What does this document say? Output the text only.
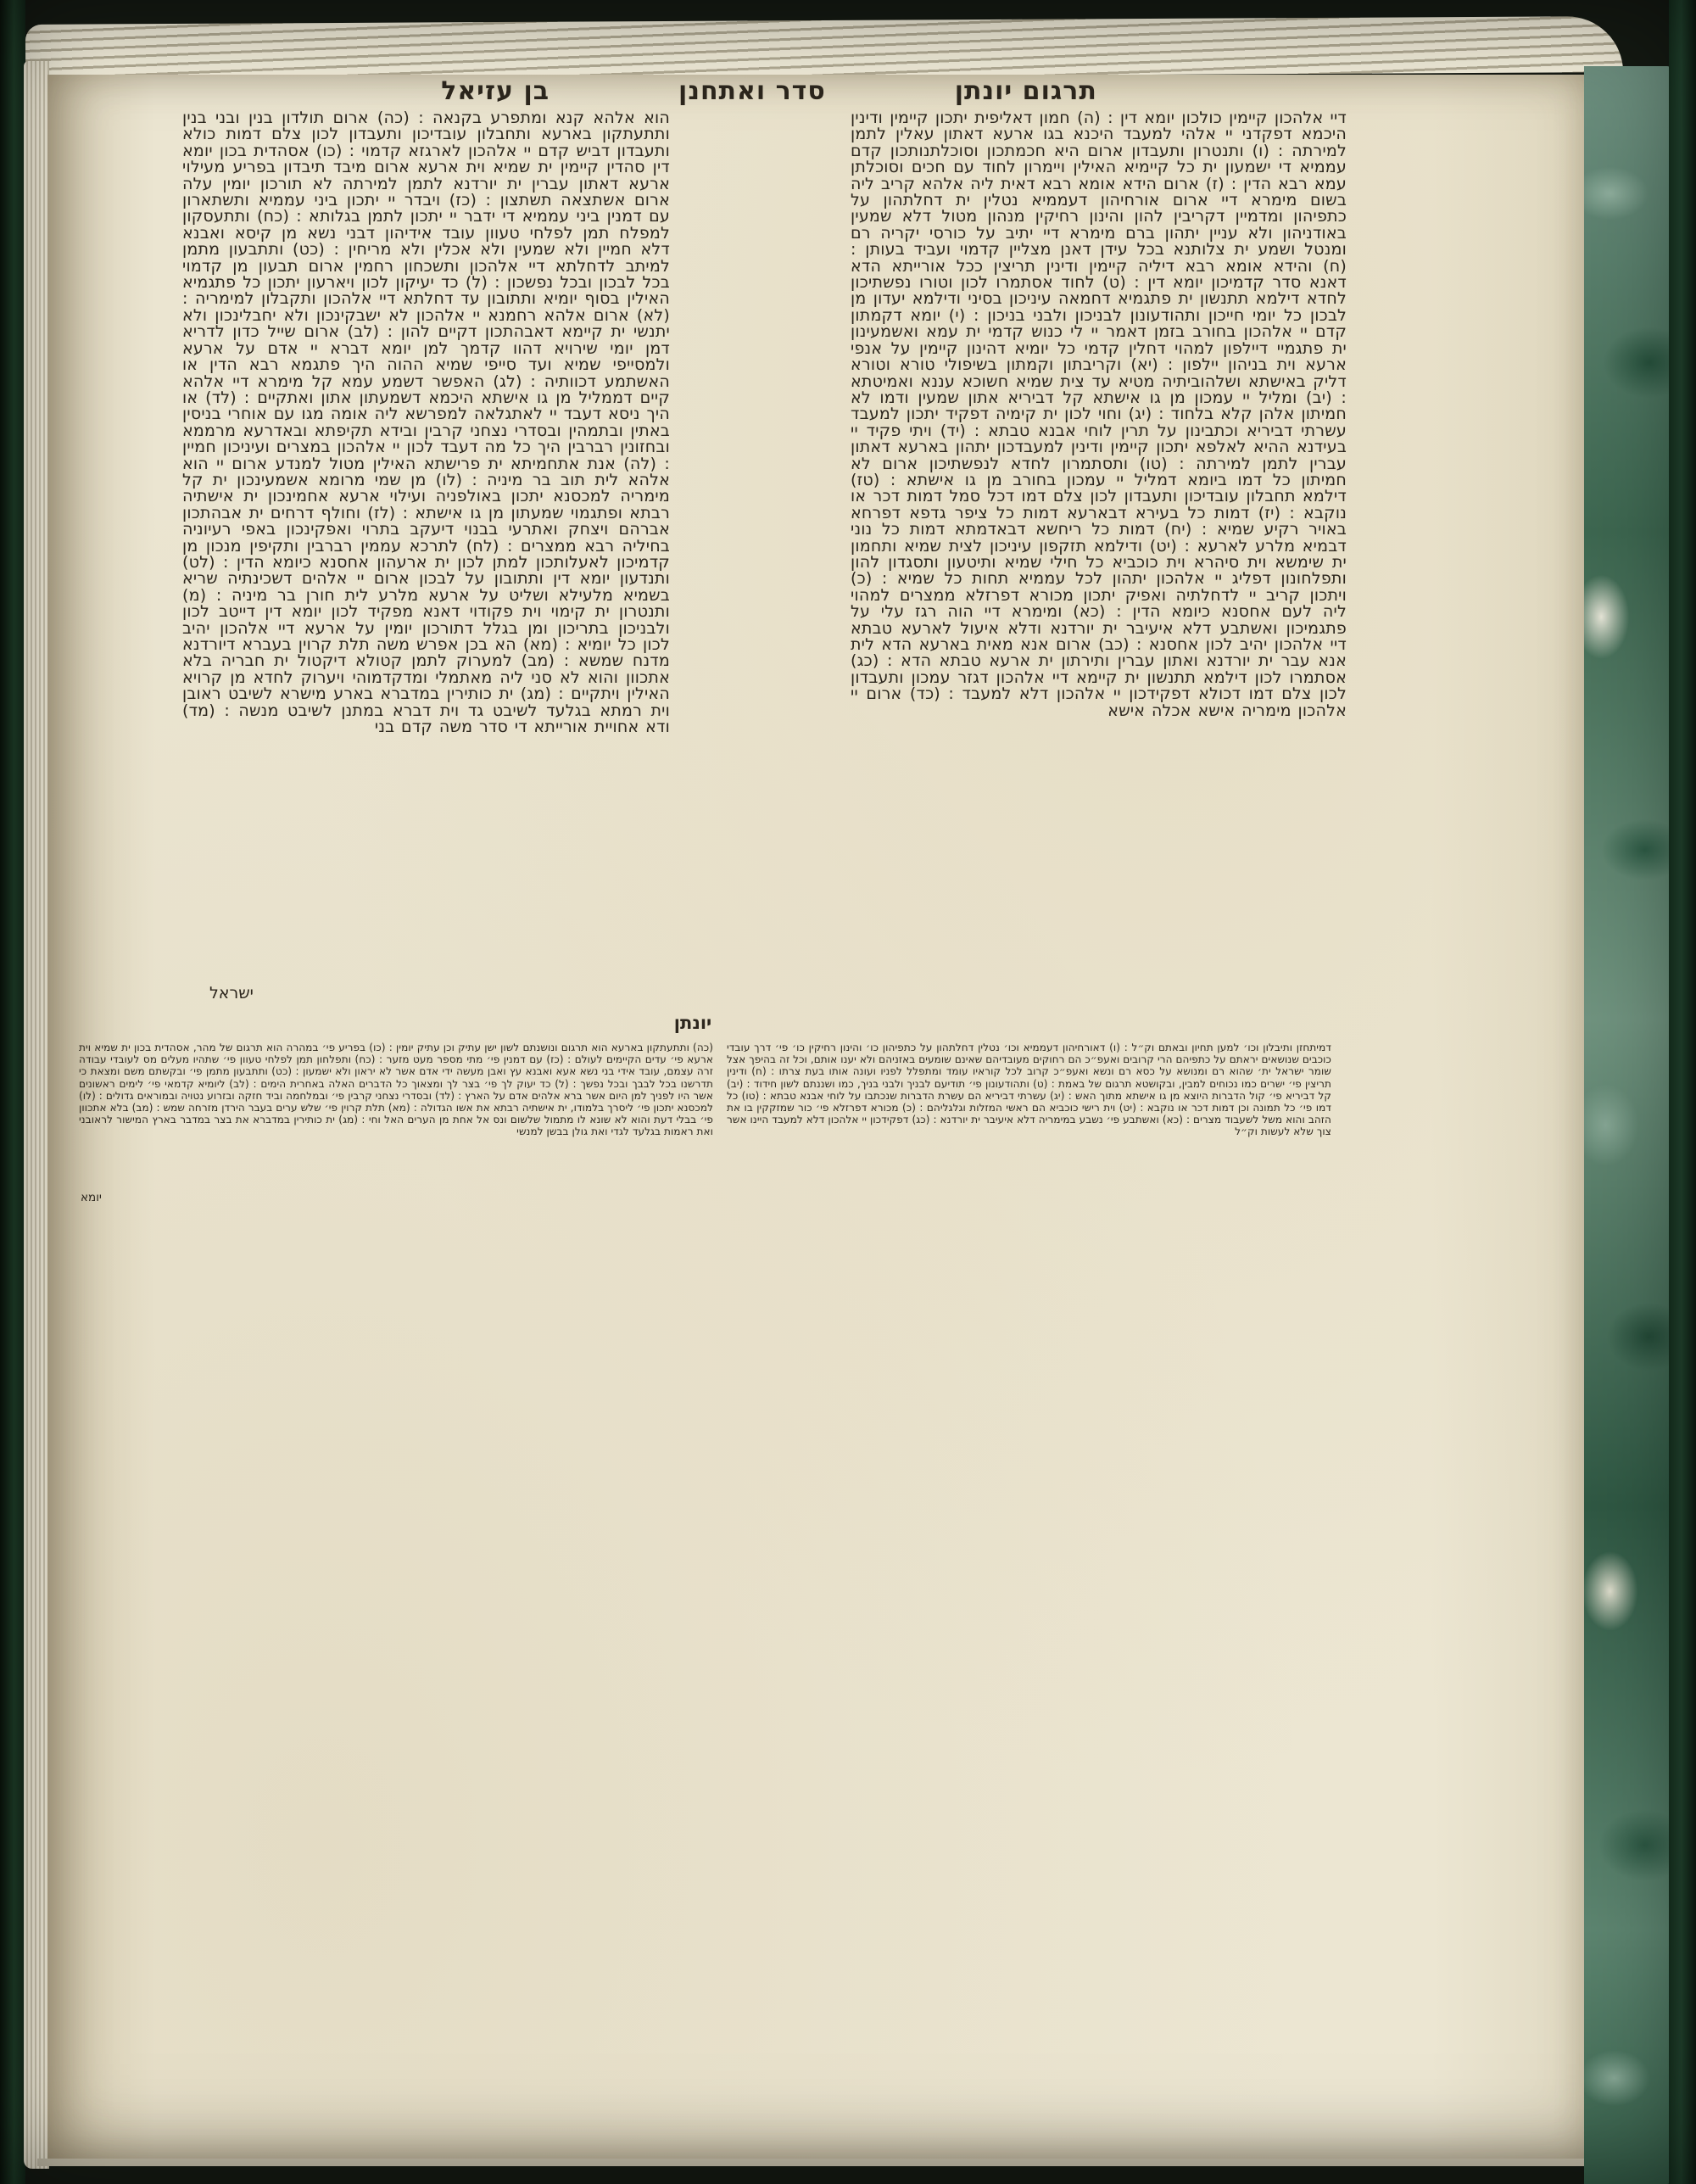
תרגום יונתן
סדר ואתחנן
בן עזיאל
דיי אלהכון קיימין כולכון יומא דין : (ה) חמון דאליפית יתכון קיימין ודינין היכמא דפקדני יי אלהי למעבד היכנא בגו ארעא דאתון עאלין לתמן למירתה : (ו) ותנטרון ותעבדון ארום היא חכמתכון וסוכלתנותכון קדם עממיא די ישמעון ית כל קיימיא האילין ויימרון לחוד עם חכים וסוכלתן עמא רבא הדין : (ז) ארום הידא אומא רבא דאית ליה אלהא קריב ליה בשום מימרא דיי ארום אורחיהון דעממיא נטלין ית דחלתהון על כתפיהון ומדמיין דקריבין להון והינון רחיקין מנהון מטול דלא שמעין באודניהון ולא עניין יתהון ברם מימרא דיי יתיב על כורסי יקריה רם ומנטל ושמע ית צלותנא בכל עידן דאנן מצליין קדמוי ועביד בעותן : (ח) והידא אומא רבא דיליה קיימין ודינין תריצין ככל אורייתא הדא דאנא סדר קדמיכון יומא דין : (ט) לחוד אסתמרו לכון וטורו נפשתיכון לחדא דילמא תתנשון ית פתגמיא דחמאה עיניכון בסיני ודילמא יעדון מן לבכון כל יומי חייכון ותהודעונון לבניכון ולבני בניכון : (י) יומא דקמתון קדם יי אלהכון בחורב בזמן דאמר יי לי כנוש קדמי ית עמא ואשמעינון ית פתגמיי דיילפון למהוי דחלין קדמי כל יומיא דהינון קיימין על אנפי ארעא וית בניהון יילפון : (יא) וקריבתון וקמתון בשיפולי טורא וטורא דליק באישתא ושלהוביתיה מטיא עד צית שמיא חשוכא עננא ואמיטתא : (יב) ומליל יי עמכון מן גו אישתא קל דביריא אתון שמעין ודמו לא חמיתון אלהן קלא בלחוד : (יג) וחוי לכון ית קימיה דפקיד יתכון למעבד עשרתי דביריא וכתבינון על תרין לוחי אבנא טבתא : (יד) ויתי פקיד יי בעידנא ההיא לאלפא יתכון קיימין ודינין למעבדכון יתהון בארעא דאתון עברין לתמן למירתה : (טו) ותסתמרון לחדא לנפשתיכון ארום לא חמיתון כל דמו ביומא דמליל יי עמכון בחורב מן גו אישתא : (טז) דילמא תחבלון עובדיכון ותעבדון לכון צלם דמו דכל סמל דמות דכר או נוקבא : (יז) דמות כל בעירא דבארעא דמות כל ציפר גדפא דפרחא באויר רקיע שמיא : (יח) דמות כל ריחשא דבאדמתא דמות כל נוני דבמיא מלרע לארעא : (יט) ודילמא תזקפון עיניכון לצית שמיא ותחמון ית שימשא וית סיהרא וית כוכביא כל חילי שמיא ותיטעון ותסגדון להון ותפלחונון דפליג יי אלהכון יתהון לכל עממיא תחות כל שמיא : (כ) ויתכון קריב יי לדחלתיה ואפיק יתכון מכורא דפרזלא ממצרים למהוי ליה לעם אחסנא כיומא הדין : (כא) ומימרא דיי הוה רגז עלי על פתגמיכון ואשתבע דלא איעיבר ית יורדנא ודלא איעול לארעא טבתא דיי אלהכון יהיב לכון אחסנא : (כב) ארום אנא מאית בארעא הדא לית אנא עבר ית יורדנא ואתון עברין ותירתון ית ארעא טבתא הדא : (כג) אסתמרו לכון דילמא תתנשון ית קיימא דיי אלהכון דגזר עמכון ותעבדון לכון צלם דמו דכולא דפקידכון יי אלהכון דלא למעבד : (כד) ארום יי אלהכון מימריה אישא אכלה אישא
הוא אלהא קנא ומתפרע בקנאה : (כה) ארום תולדון בנין ובני בנין ותתעתקון בארעא ותחבלון עובדיכון ותעבדון לכון צלם דמות כולא ותעבדון דביש קדם יי אלהכון לארגזא קדמוי : (כו) אסהדית בכון יומא דין סהדין קיימין ית שמיא וית ארעא ארום מיבד תיבדון בפריע מעילוי ארעא דאתון עברין ית יורדנא לתמן למירתה לא תורכון יומין עלה ארום אשתצאה תשתצון : (כז) ויבדר יי יתכון ביני עממיא ותשתארון עם דמנין ביני עממיא די ידבר יי יתכון לתמן בגלותא : (כח) ותתעסקון למפלח תמן לפלחי טעוון עובד אידיהון דבני נשא מן קיסא ואבנא דלא חמיין ולא שמעין ולא אכלין ולא מריחין : (כט) ותתבעון מתמן למיתב לדחלתא דיי אלהכון ותשכחון רחמין ארום תבעון מן קדמוי בכל לבכון ובכל נפשכון : (ל) כד יעיקון לכון ויארעון יתכון כל פתגמיא האילין בסוף יומיא ותתובון עד דחלתא דיי אלהכון ותקבלון למימריה : (לא) ארום אלהא רחמנא יי אלהכון לא ישבקינכון ולא יחבלינכון ולא יתנשי ית קיימא דאבהתכון דקיים להון : (לב) ארום שייל כדון לדריא דמן יומי שירויא דהוו קדמך למן יומא דברא יי אדם על ארעא ולמסייפי שמיא ועד סייפי שמיא ההוה היך פתגמא רבא הדין או האשתמע דכוותיה : (לג) האפשר דשמע עמא קל מימרא דיי אלהא קיים דממליל מן גו אישתא היכמא דשמעתון אתון ואתקיים : (לד) או היך ניסא דעבד יי לאתגלאה למפרשא ליה אומה מגו עם אוחרי בניסין באתין ובתמהין ובסדרי נצחני קרבין ובידא תקיפתא ובאדרעא מרממא ובחזונין רברבין היך כל מה דעבד לכון יי אלהכון במצרים ועיניכון חמיין : (לה) אנת אתחמיתא ית פרישתא האילין מטול למנדע ארום יי הוא אלהא לית תוב בר מיניה : (לו) מן שמי מרומא אשמעינכון ית קל מימריה למכסנא יתכון באולפניה ועילוי ארעא אחמינכון ית אישתיה רבתא ופתגמוי שמעתון מן גו אישתא : (לז) וחולף דרחים ית אבהתכון אברהם ויצחק ואתרעי בבנוי דיעקב בתרוי ואפקינכון באפי רעיוניה בחיליה רבא ממצרים : (לח) לתרכא עממין רברבין ותקיפין מנכון מן קדמיכון לאעלותכון למתן לכון ית ארעהון אחסנא כיומא הדין : (לט) ותנדעון יומא דין ותתובון על לבכון ארום יי אלהים דשכינתיה שריא בשמיא מלעילא ושליט על ארעא מלרע לית חורן בר מיניה : (מ) ותנטרון ית קימוי וית פקודוי דאנא מפקיד לכון יומא דין דייטב לכון ולבניכון בתריכון ומן בגלל דתורכון יומין על ארעא דיי אלהכון יהיב לכון כל יומיא : (מא) הא בכן אפרש משה תלת קרוין בעברא דיורדנא מדנח שמשא : (מב) למערוק לתמן קטולא דיקטול ית חבריה בלא אתכוון והוא לא סני ליה מאתמלי ומדקדמוהי ויערוק לחדא מן קרויא האילין ויתקיים : (מג) ית כותירין במדברא בארע מישרא לשיבט ראובן וית רמתא בגלעד לשיבט גד וית דברא במתנן לשיבט מנשה : (מד) ודא אחויית אורייתא די סדר משה קדם בני
ישראל
יונתן
דמיתחזן ותיבלון וכו׳ למען תחיון ובאתם וק״ל : (ו) דאורחיהון דעממיא וכו׳ נטלין דחלתהון על כתפיהון כו׳ והינון רחיקין כו׳ פי׳ דרך עובדי כוכבים שנושאים יראתם על כתפיהם הרי קרובים ואעפ״כ הם רחוקים מעובדיהם שאינם שומעים באזניהם ולא יענו אותם, וכל זה בהיפך אצל שומר ישראל ית׳ שהוא רם ומנושא על כסא רם ונשא ואעפ״כ קרוב לכל קוראיו עומד ומתפלל לפניו ועונה אותו בעת צרתו : (ח) ודינין תריצין פי׳ ישרים כמו נכוחים למבין, ובקושטא תרגום של באמת : (ט) ותהודעונון פי׳ תודיעם לבניך ולבני בניך, כמו ושננתם לשון חידוד : (יב) קל דביריא פי׳ קול הדברות היוצא מן גו אישתא מתוך האש : (יג) עשרתי דביריא הם עשרת הדברות שנכתבו על לוחי אבנא טבתא : (טו) כל דמו פי׳ כל תמונה וכן דמות דכר או נוקבא : (יט) וית רישי כוכביא הם ראשי המזלות וגלגליהם : (כ) מכורא דפרזלא פי׳ כור שמזקקין בו את הזהב והוא משל לשעבוד מצרים : (כא) ואשתבע פי׳ נשבע במימריה דלא איעיבר ית יורדנא : (כג) דפקידכון יי אלהכון דלא למעבד היינו אשר צוך שלא לעשות וק״ל
(כה) ותתעתקון בארעא הוא תרגום ונושנתם לשון ישן עתיק וכן עתיק יומין : (כו) בפריע פי׳ במהרה הוא תרגום של מהר, אסהדית בכון ית שמיא וית ארעא פי׳ עדים הקיימים לעולם : (כז) עם דמנין פי׳ מתי מספר מעט מזער : (כח) ותפלחון תמן לפלחי טעוון פי׳ שתהיו מעלים מס לעובדי עבודה זרה עצמם, עובד אידי בני נשא אעא ואבנא עץ ואבן מעשה ידי אדם אשר לא יראון ולא ישמעון : (כט) ותתבעון מתמן פי׳ ובקשתם משם ומצאת כי תדרשנו בכל לבבך ובכל נפשך : (ל) כד יעוק לך פי׳ בצר לך ומצאוך כל הדברים האלה באחרית הימים : (לב) ליומיא קדמאי פי׳ לימים ראשונים אשר היו לפניך למן היום אשר ברא אלהים אדם על הארץ : (לד) ובסדרי נצחני קרבין פי׳ ובמלחמה וביד חזקה ובזרוע נטויה ובמוראים גדולים : (לו) למכסנא יתכון פי׳ ליסרך בלמודו, ית אישתיה רבתא את אשו הגדולה : (מא) תלת קרוין פי׳ שלש ערים בעבר הירדן מזרחה שמש : (מב) בלא אתכוון פי׳ בבלי דעת והוא לא שונא לו מתמול שלשום ונס אל אחת מן הערים האל וחי : (מג) ית כותירין במדברא את בצר במדבר בארץ המישור לראובני ואת ראמות בגלעד לגדי ואת גולן בבשן למנשי
יומא
